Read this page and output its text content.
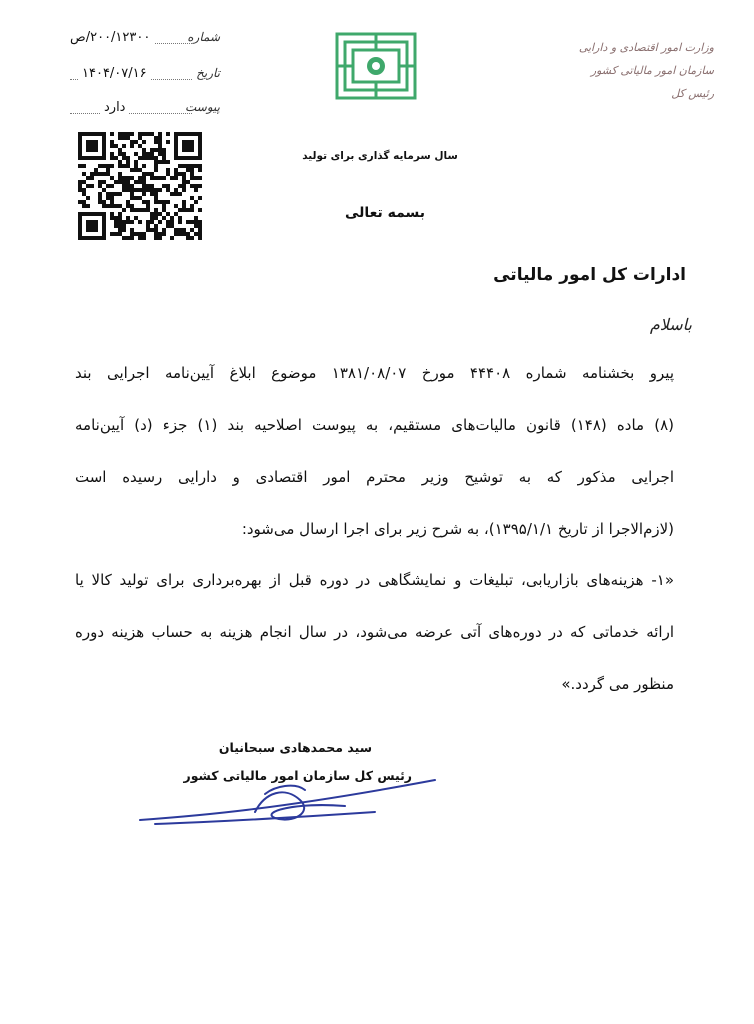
شماره
۲۰۰/۱۲۳۰۰/ص
تاریخ
۱۴۰۴/۰۷/۱۶
پیوست
دارد
سال سرمایه گذاری برای تولید
بسمه تعالی
وزارت امور اقتصادی و دارایی
سازمان امور مالیاتی کشور
رئیس کل
ادارات کل امور مالیاتی
باسلام
پیرو بخشنامه شماره ۴۴۴۰۸ مورخ ۱۳۸۱/۰۸/۰۷ موضوع ابلاغ آیین‌نامه اجرایی بند
(۸) ماده (۱۴۸) قانون مالیات‌های مستقیم، به پیوست اصلاحیه بند (۱) جزء (د) آیین‌نامه
اجرایی مذکور که به توشیح وزیر محترم امور اقتصادی و دارایی رسیده است
(لازم‌الاجرا از تاریخ ۱۳۹۵/۱/۱)، به شرح زیر برای اجرا ارسال می‌شود:
«۱- هزینه‌های بازاریابی، تبلیغات و نمایشگاهی در دوره قبل از بهره‌برداری برای تولید کالا یا
ارائه خدماتی که در دوره‌های آتی عرضه می‌شود، در سال انجام هزینه به حساب هزینه دوره
منظور می گردد.»
سید محمدهادی سبحانیان
رئیس کل سازمان امور مالیاتی کشور
